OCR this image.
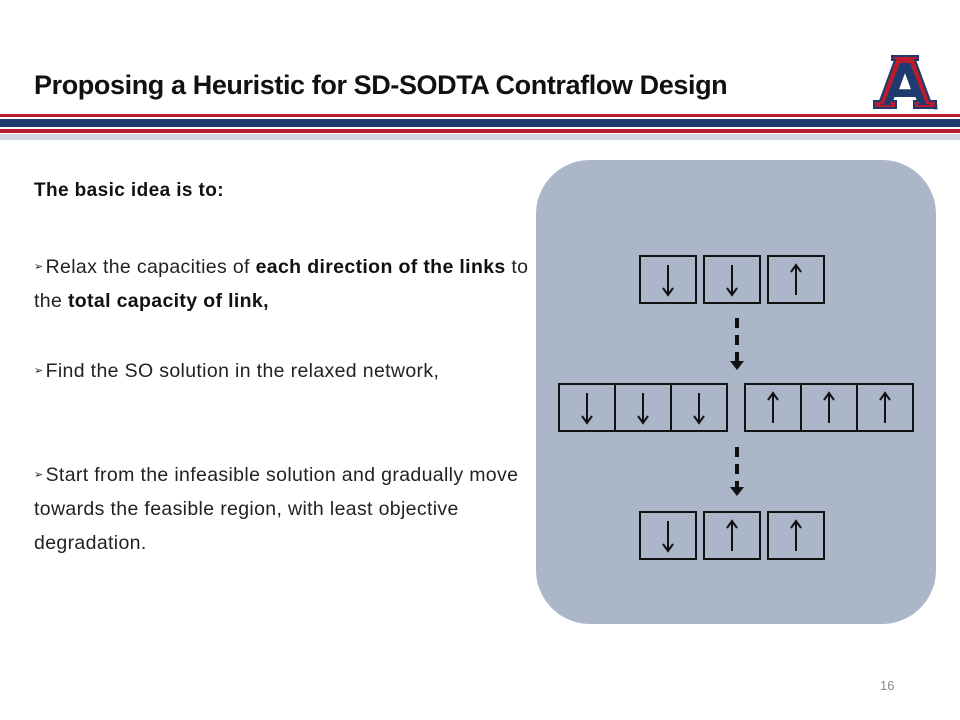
Proposing a Heuristic for SD-SODTA Contraflow Design
®
The basic idea is to:
➢ Relax the capacities of each direction of the links to the total capacity of link,
➢ Find the SO solution in the relaxed network,
➢ Start from the infeasible solution and gradually move towards the feasible region, with least objective degradation.
16
